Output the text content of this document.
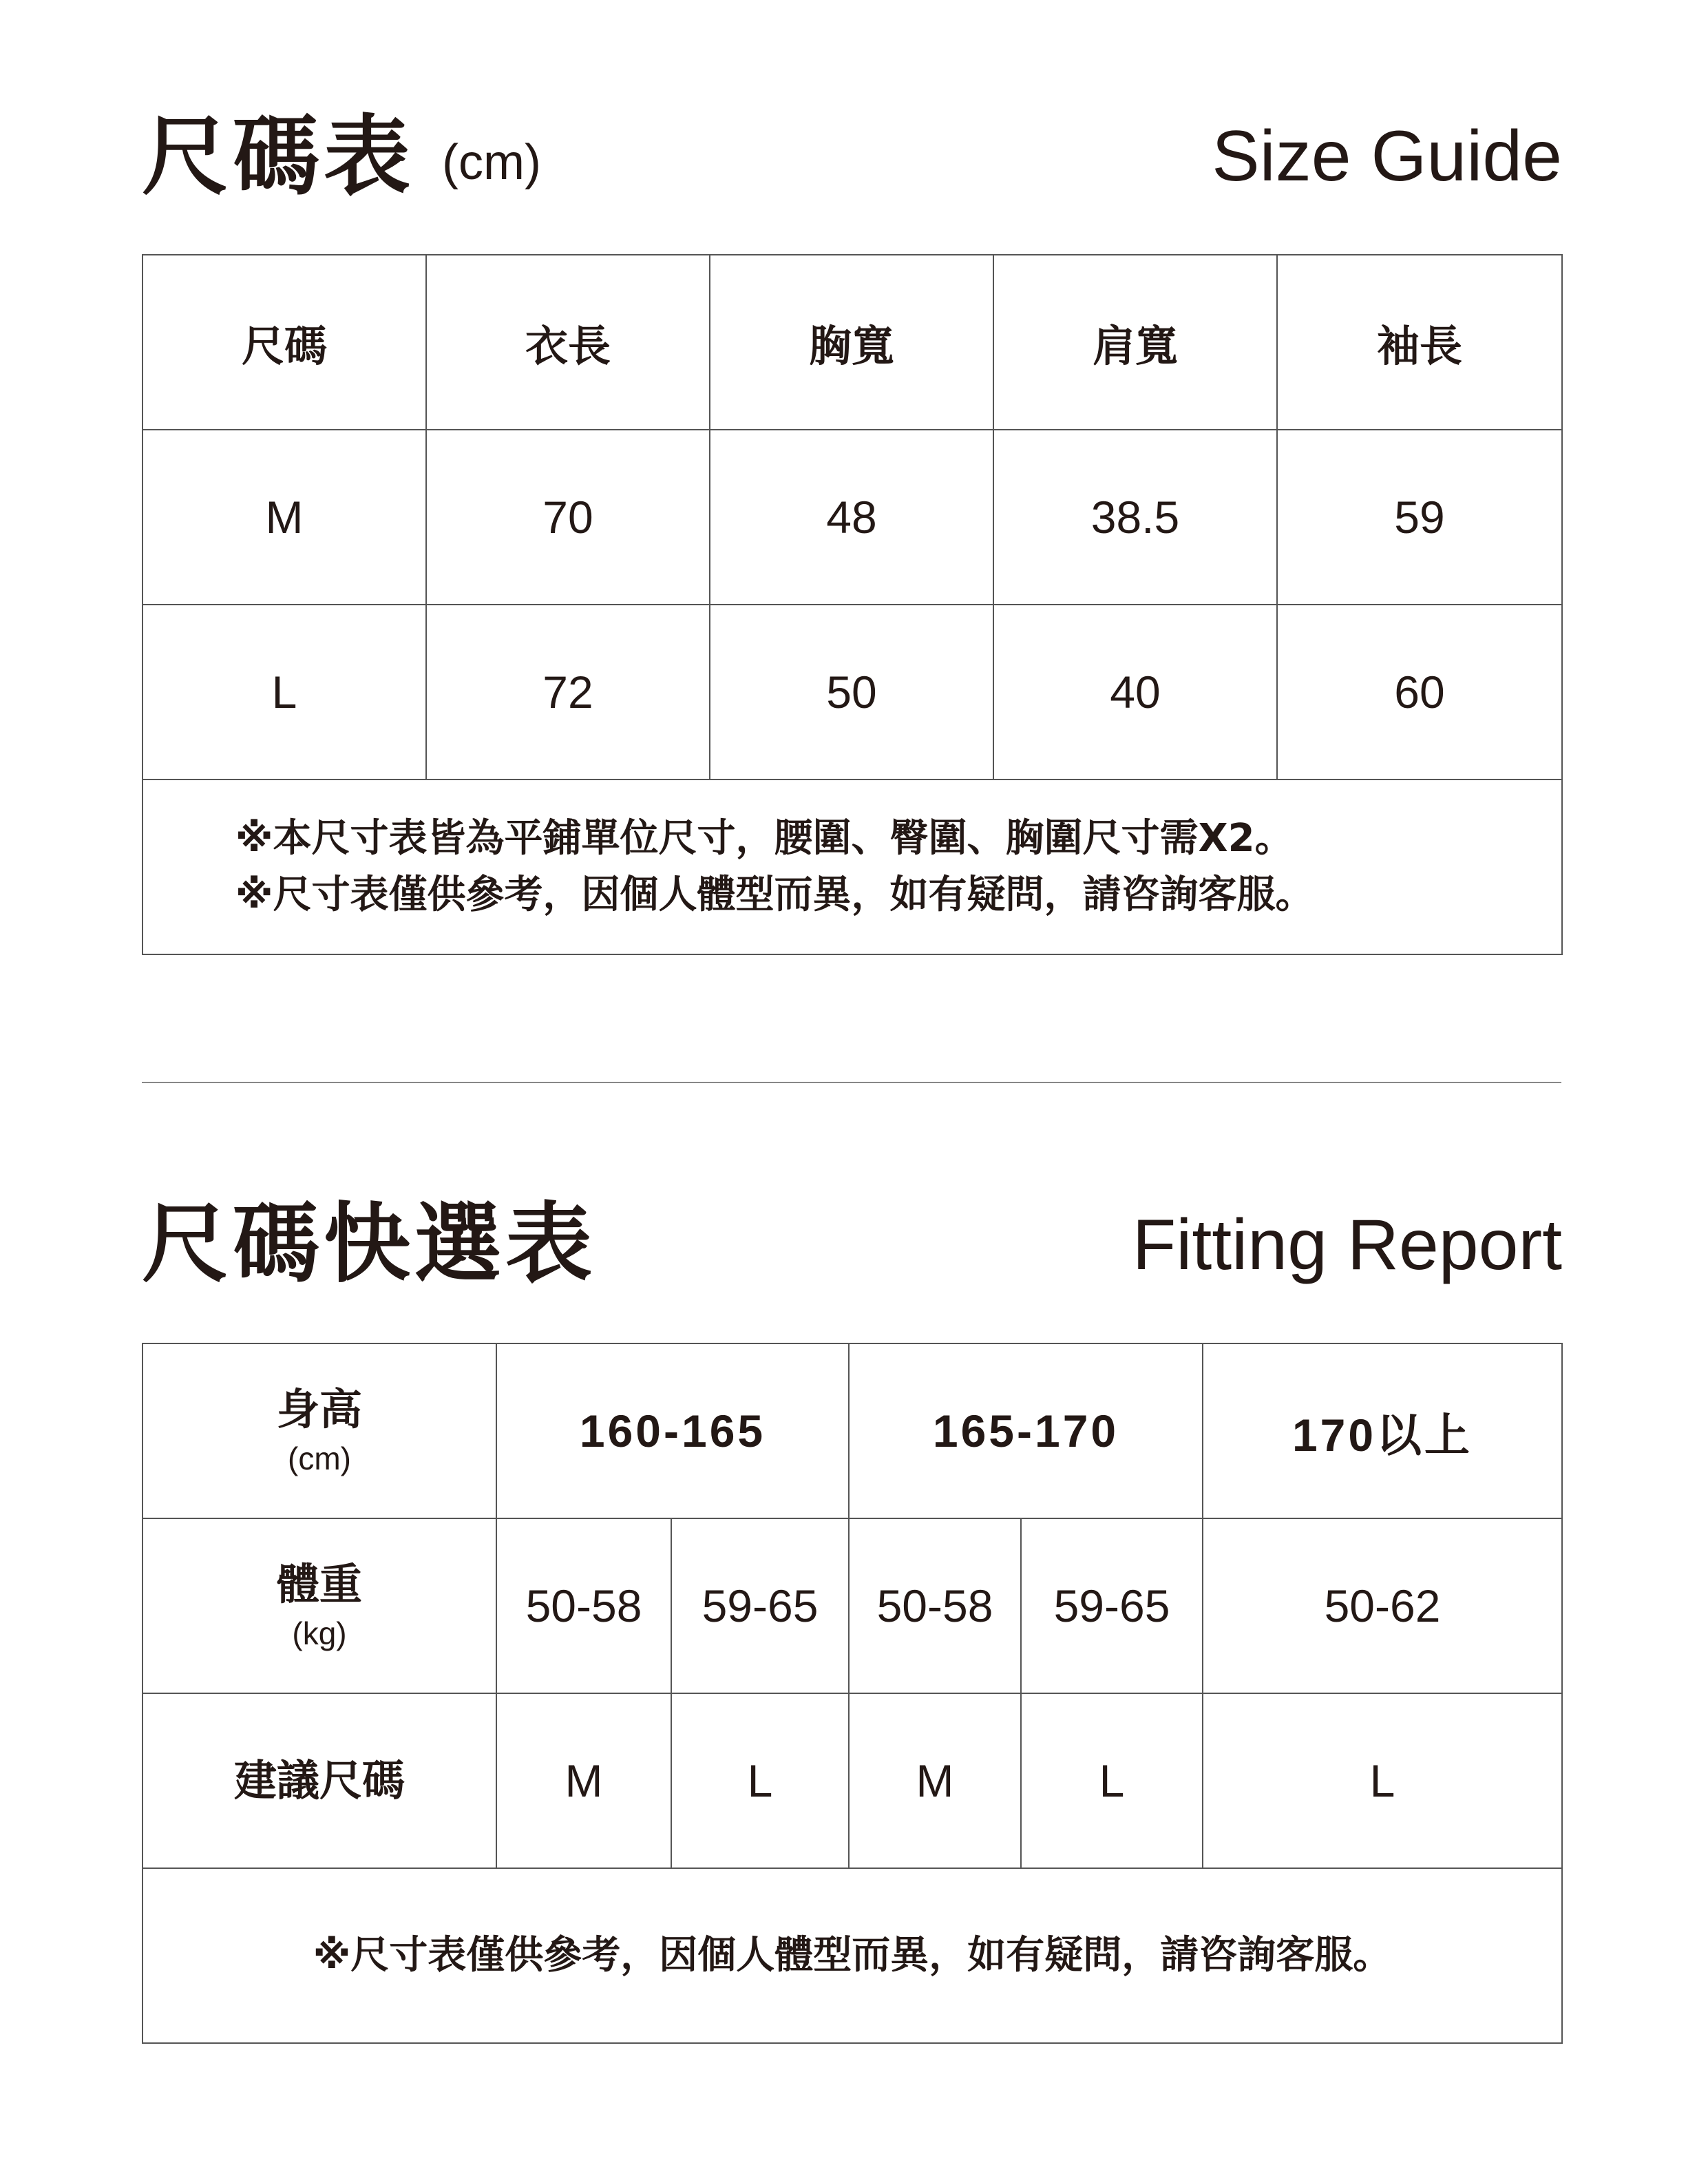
尺碼表 (cm)	Size Guide
尺碼	衣長	胸寬	肩寬	袖長
M	70	48	38.5	59
L	72	50	40	60

※本尺寸表皆為平鋪單位尺寸，腰圍、臀圍、胸圍尺寸需X2。
※尺寸表僅供參考，因個人體型而異，如有疑問，請咨詢客服。				
尺碼快選表	Fitting Report
身高
(cm)	160-165		165-170		170以上
體重
(kg)	50-58	59-65	50-58	59-65	50-62
建議尺碼	M	L	M	L	L
※尺寸表僅供參考，因個人體型而異，如有疑問，請咨詢客服。					
